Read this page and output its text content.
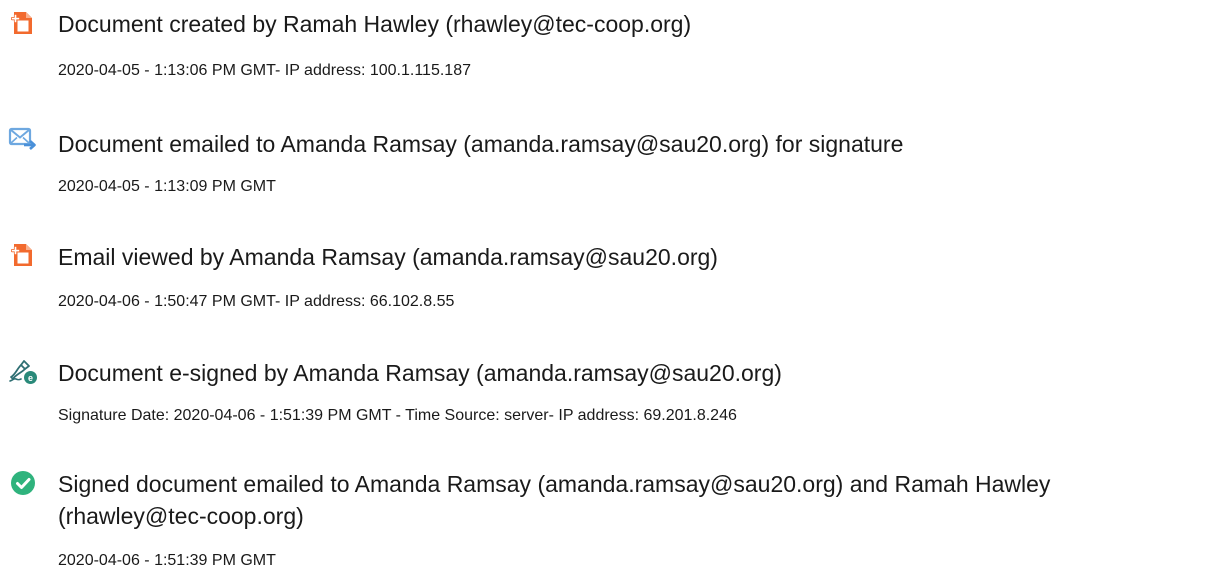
Document created by Ramah Hawley (rhawley@tec-coop.org)
2020-04-05 - 1:13:06 PM GMT- IP address: 100.1.115.187
Document emailed to Amanda Ramsay (amanda.ramsay@sau20.org) for signature
2020-04-05 - 1:13:09 PM GMT
Email viewed by Amanda Ramsay (amanda.ramsay@sau20.org)
2020-04-06 - 1:50:47 PM GMT- IP address: 66.102.8.55
e Document e-signed by Amanda Ramsay (amanda.ramsay@sau20.org)
Signature Date: 2020-04-06 - 1:51:39 PM GMT - Time Source: server- IP address: 69.201.8.246
Signed document emailed to Amanda Ramsay (amanda.ramsay@sau20.org) and Ramah Hawley (rhawley@tec-coop.org)
2020-04-06 - 1:51:39 PM GMT
